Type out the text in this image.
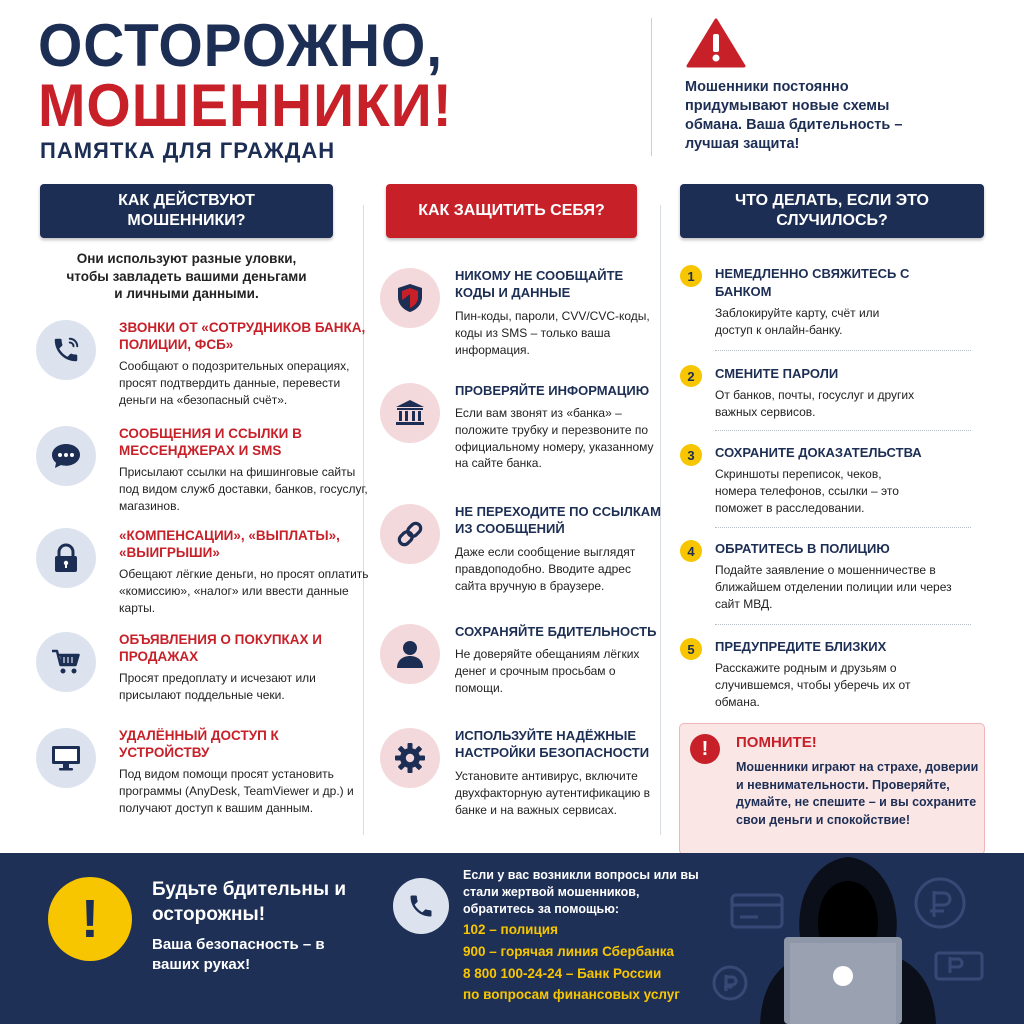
ОСТОРОЖНО,
МОШЕННИКИ!
ПАМЯТКА ДЛЯ ГРАЖДАН
Мошенники постоянно придумывают новые схемы обмана. Ваша бдительность – лучшая защита!
КАК ДЕЙСТВУЮТ МОШЕННИКИ?
КАК ЗАЩИТИТЬ СЕБЯ?
ЧТО ДЕЛАТЬ, ЕСЛИ ЭТО СЛУЧИЛОСЬ?
Они используют разные уловки, чтобы завладеть вашими деньгами и личными данными.
ЗВОНКИ ОТ «СОТРУДНИКОВ БАНКА, ПОЛИЦИИ, ФСБ»
Сообщают о подозрительных операциях, просят подтвердить данные, перевести деньги на «безопасный счёт».
СООБЩЕНИЯ И ССЫЛКИ В МЕССЕНДЖЕРАХ И SMS
Присылают ссылки на фишинговые сайты под видом служб доставки, банков, госуслуг, магазинов.
«КОМПЕНСАЦИИ», «ВЫПЛАТЫ», «ВЫИГРЫШИ»
Обещают лёгкие деньги, но просят оплатить «комиссию», «налог» или ввести данные карты.
ОБЪЯВЛЕНИЯ О ПОКУПКАХ И ПРОДАЖАХ
Просят предоплату и исчезают или присылают поддельные чеки.
УДАЛЁННЫЙ ДОСТУП К УСТРОЙСТВУ
Под видом помощи просят установить программы (AnyDesk, TeamViewer и др.) и получают доступ к вашим данным.
НИКОМУ НЕ СООБЩАЙТЕ КОДЫ И ДАННЫЕ
Пин-коды, пароли, CVV/CVC-коды, коды из SMS – только ваша информация.
ПРОВЕРЯЙТЕ ИНФОРМАЦИЮ
Если вам звонят из «банка» – положите трубку и перезвоните по официальному номеру, указанному на сайте банка.
НЕ ПЕРЕХОДИТЕ ПО ССЫЛКАМ ИЗ СООБЩЕНИЙ
Даже если сообщение выглядят правдоподобно. Вводите адрес сайта вручную в браузере.
СОХРАНЯЙТЕ БДИТЕЛЬНОСТЬ
Не доверяйте обещаниям лёгких денег и срочным просьбам о помощи.
ИСПОЛЬЗУЙТЕ НАДЁЖНЫЕ НАСТРОЙКИ БЕЗОПАСНОСТИ
Установите антивирус, включите двухфакторную аутентификацию в банке и на важных сервисах.
1	НЕМЕДЛЕННО СВЯЖИТЕСЬ С БАНКОМ
Заблокируйте карту, счёт или доступ к онлайн-банку.
2	СМЕНИТЕ ПАРОЛИ
От банков, почты, госуслуг и других важных сервисов.
3	СОХРАНИТЕ ДОКАЗАТЕЛЬСТВА
Скриншоты переписок, чеков, номера телефонов, ссылки – это поможет в расследовании.
4	ОБРАТИТЕСЬ В ПОЛИЦИЮ
Подайте заявление о мошенничестве в ближайшем отделении полиции или через сайт МВД.
5	ПРЕДУПРЕДИТЕ БЛИЗКИХ
Расскажите родным и друзьям о случившемся, чтобы уберечь их от обмана.
!	ПОМНИТЕ!
Мошенники играют на страхе, доверии и невнимательности. Проверяйте, думайте, не спешите – и вы сохраните свои деньги и спокойствие!
!	Будьте бдительны и осторожны!
Ваша безопасность – в ваших руках!
Если у вас возникли вопросы или вы стали жертвой мошенников, обратитесь за помощью:
102 – полиция
900 – горячая линия Сбербанка
8 800 100-24-24 – Банк России
по вопросам финансовых услуг
